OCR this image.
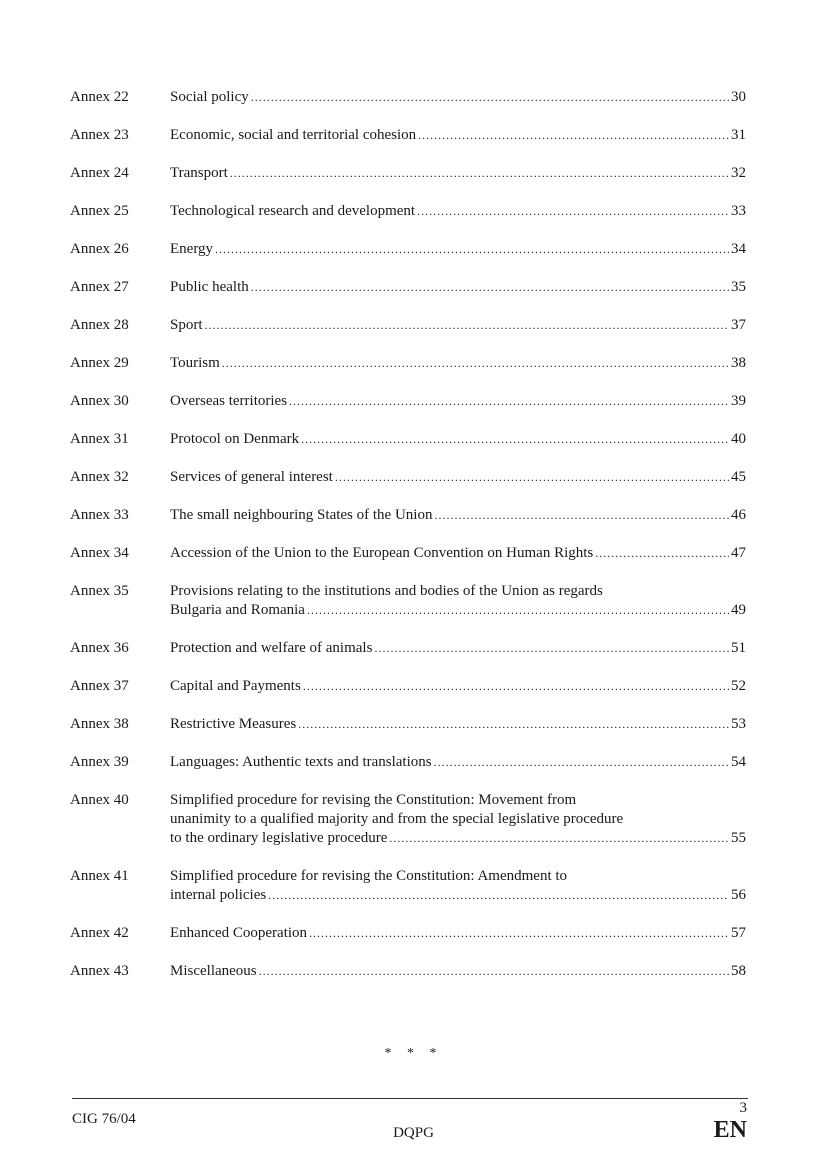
Annex 22	Social policy .....	30
Annex 23	Economic, social and territorial cohesion .....	31
Annex 24	Transport .....	32
Annex 25	Technological research and development .....	33
Annex 26	Energy .....	34
Annex 27	Public health .....	35
Annex 28	Sport .....	37
Annex 29	Tourism .....	38
Annex 30	Overseas territories .....	39
Annex 31	Protocol on Denmark .....	40
Annex 32	Services of general interest .....	45
Annex 33	The small neighbouring States of the Union .....	46
Annex 34	Accession of the Union to the European Convention on Human Rights .....	47
Annex 35	Provisions relating to the institutions and bodies of the Union as regards
Bulgaria and Romania .....	49
Annex 36	Protection and welfare of animals .....	51
Annex 37	Capital and Payments .....	52
Annex 38	Restrictive Measures .....	53
Annex 39	Languages: Authentic texts and translations .....	54
Annex 40	Simplified procedure for revising the Constitution: Movement from
unanimity to a qualified majority and from the special legislative procedure
to the ordinary legislative procedure .....	55
Annex 41	Simplified procedure for revising the Constitution: Amendment to
internal policies .....	56
Annex 42	Enhanced Cooperation .....	57
Annex 43	Miscellaneous .....	58
* * *
CIG 76/04
DQPG
3
EN
